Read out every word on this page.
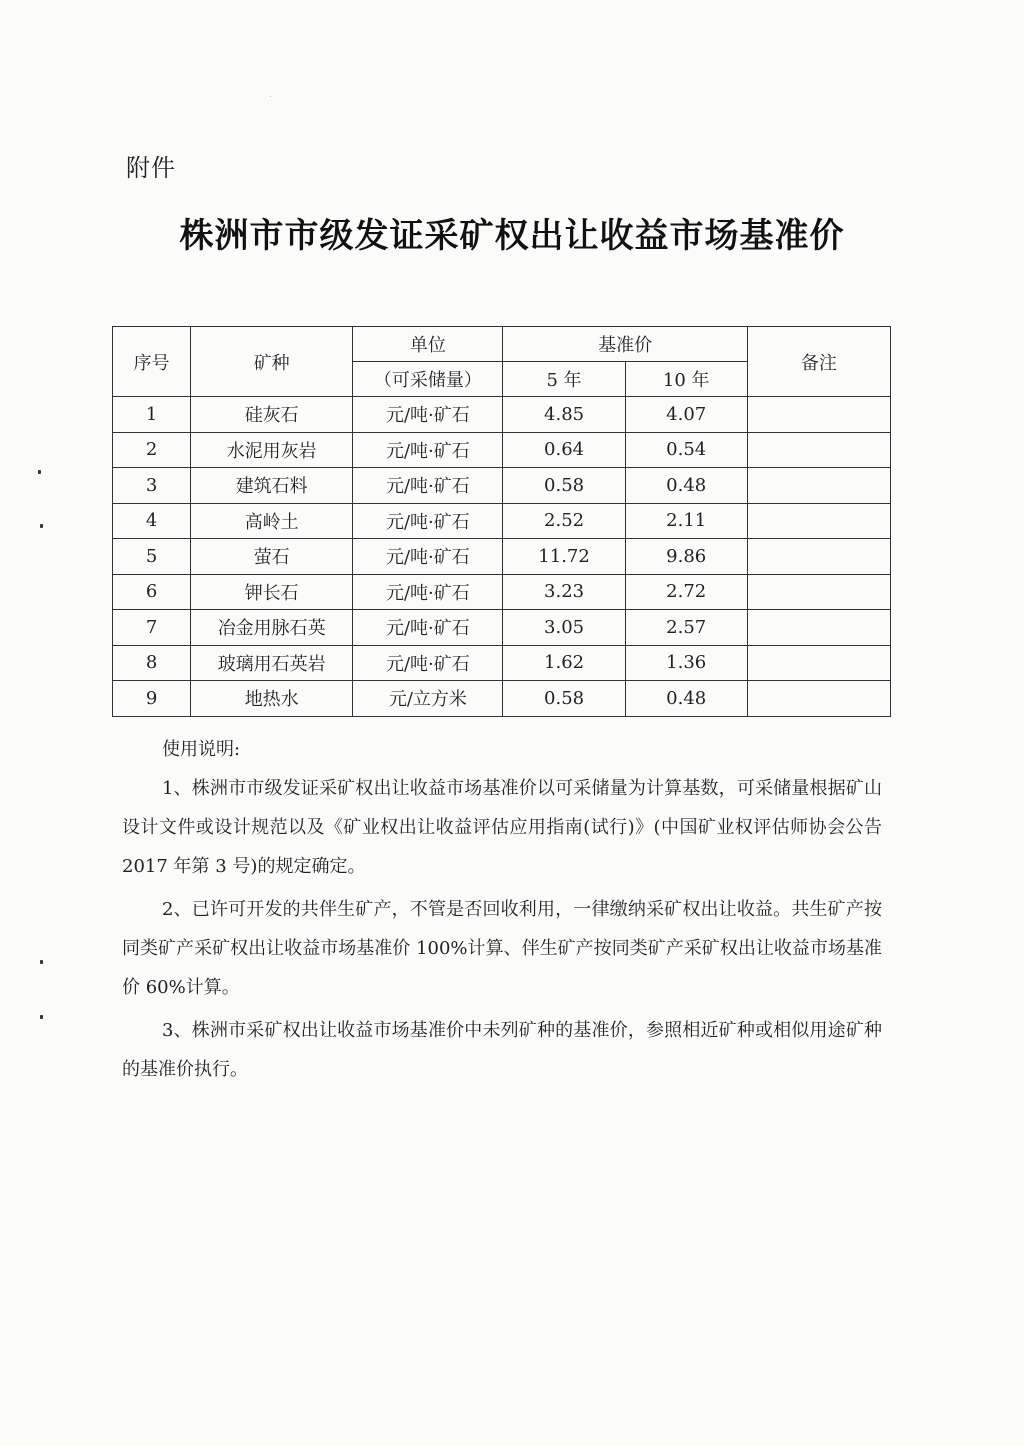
附件
株洲市市级发证采矿权出让收益市场基准价
序号	矿种	单位	基准价		备注
		（可采储量）	5 年	10 年	
1	硅灰石	元/吨·矿石	4.85	4.07	
2	水泥用灰岩	元/吨·矿石	0.64	0.54	
3	建筑石料	元/吨·矿石	0.58	0.48	
4	高岭土	元/吨·矿石	2.52	2.11	
5	萤石	元/吨·矿石	11.72	9.86	
6	钾长石	元/吨·矿石	3.23	2.72	
7	冶金用脉石英	元/吨·矿石	3.05	2.57	
8	玻璃用石英岩	元/吨·矿石	1.62	1.36	
9	地热水	元/立方米	0.58	0.48	
使用说明:

1、株洲市市级发证采矿权出让收益市场基准价以可采储量为计算基数，可采储量根据矿山设计文件或设计规范以及《矿业权出让收益评估应用指南(试行)》(中国矿业权评估师协会公告 2017 年第 3 号)的规定确定。

2、已许可开发的共伴生矿产，不管是否回收利用，一律缴纳采矿权出让收益。共生矿产按同类矿产采矿权出让收益市场基准价 100%计算、伴生矿产按同类矿产采矿权出让收益市场基准价 60%计算。

3、株洲市采矿权出让收益市场基准价中未列矿种的基准价，参照相近矿种或相似用途矿种的基准价执行。
